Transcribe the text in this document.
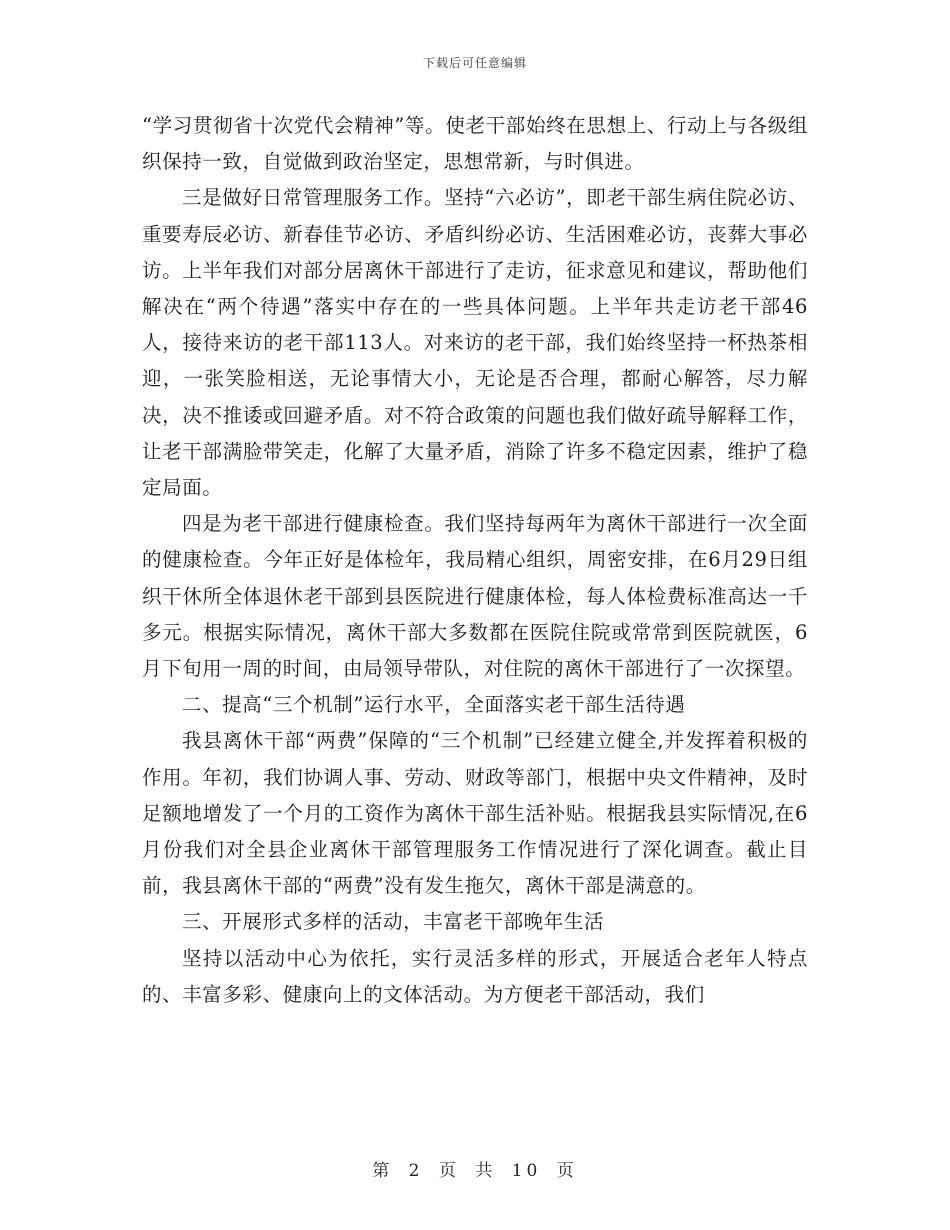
下载后可任意编辑

“学习贯彻省十次党代会精神”等。使老干部始终在思想上、行动上与各级组织保持一致，自觉做到政治坚定，思想常新，与时俱进。

三是做好日常管理服务工作。坚持“六必访”，即老干部生病住院必访、重要寿辰必访、新春佳节必访、矛盾纠纷必访、生活困难必访，丧葬大事必访。上半年我们对部分居离休干部进行了走访，征求意见和建议，帮助他们解决在“两个待遇”落实中存在的一些具体问题。上半年共走访老干部46人，接待来访的老干部113人。对来访的老干部，我们始终坚持一杯热茶相迎，一张笑脸相送，无论事情大小，无论是否合理，都耐心解答，尽力解决，决不推诿或回避矛盾。对不符合政策的问题也我们做好疏导解释工作，让老干部满脸带笑走，化解了大量矛盾，消除了许多不稳定因素，维护了稳定局面。

四是为老干部进行健康检查。我们坚持每两年为离休干部进行一次全面的健康检查。今年正好是体检年，我局精心组织，周密安排，在6月29日组织干休所全体退休老干部到县医院进行健康体检，每人体检费标准高达一千多元。根据实际情况，离休干部大多数都在医院住院或常常到医院就医，6月下旬用一周的时间，由局领导带队，对住院的离休干部进行了一次探望。

二、提高“三个机制”运行水平，全面落实老干部生活待遇

我县离休干部“两费”保障的“三个机制”已经建立健全,并发挥着积极的作用。年初，我们协调人事、劳动、财政等部门，根据中央文件精神，及时足额地增发了一个月的工资作为离休干部生活补贴。根据我县实际情况,在6月份我们对全县企业离休干部管理服务工作情况进行了深化调查。截止目前，我县离休干部的“两费”没有发生拖欠，离休干部是满意的。

三、开展形式多样的活动，丰富老干部晚年生活

坚持以活动中心为依托，实行灵活多样的形式，开展适合老年人特点的、丰富多彩、健康向上的文体活动。为方便老干部活动，我们

第 2 页 共 10 页
